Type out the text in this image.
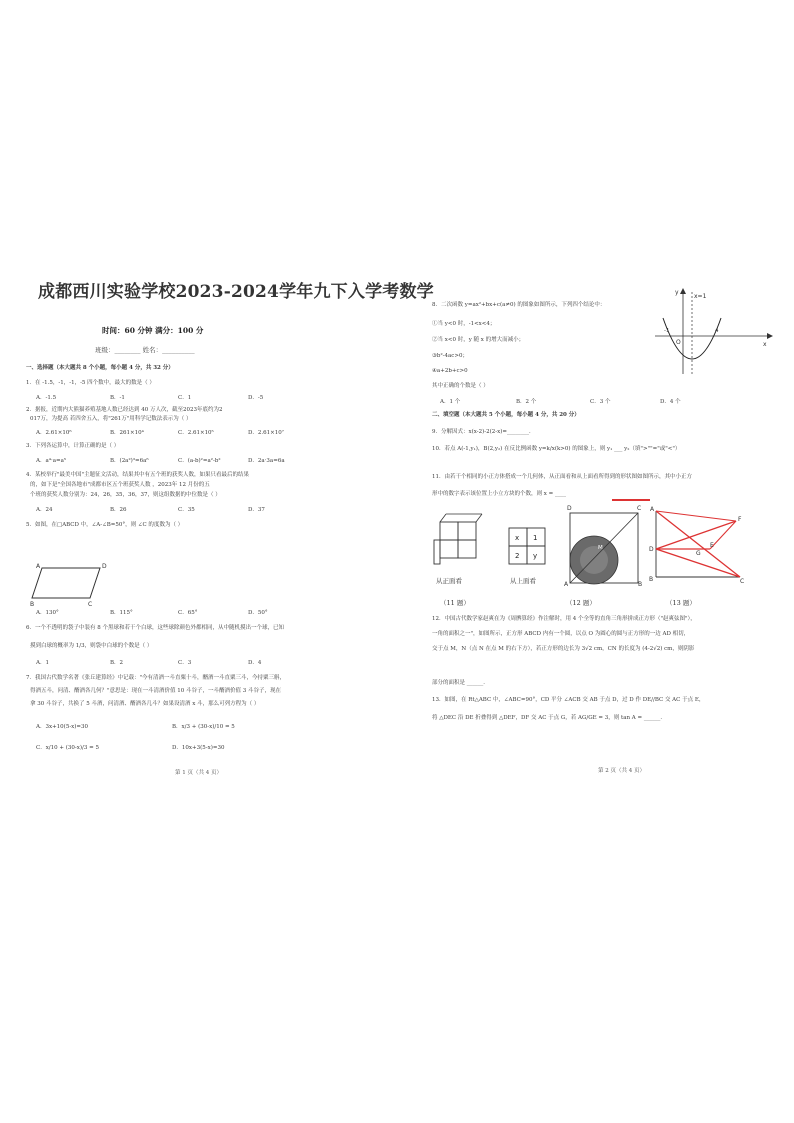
成都西川实验学校2023-2024学年九下入学考数学
时间：60 分钟 满分：100 分
班级：________ 姓名：__________
一、选择题（本大题共 8 个小题，每小题 4 分，共 32 分）
1．在 -1.5，-1，-1，-5 四个数中，最大的数是（ ）
A．-1.5	B．-1	C．1	D．-5
2．据报，近期内大熊猫养殖基地人数已经达到 40 万人次，截至2023年底约为2
017万，为提高 若四舍五入，将"261万"用科学记数法表示为（ ）
A．2.61×10⁶	B．261×10⁴	C．2.61×10⁵	D．2.61×10⁷
3．下列各运算中，计算正确的是（ ）
A．a⁴·a=a⁵	B．(2a²)³=6a⁶	C．(a-b)²=a²-b²	D．2a·3a=6a
4．某校举行"最美中国"主题征文活动，结果其中有五个班的获奖人数，如果只看最后的结果
的，如下是"全国各地市"成都市区五个班获奖人数 ，2023年 12 月份的五
个班的获奖人数分别为：24，26，35，36，37，则这组数据的中位数是（ ）
A．24	B．26	C．35	D．37
5．如图，在□ABCD 中，∠A-∠B=50°，则 ∠C 的度数为（ ）
A	D
B	C
A．130°	B．115°	C．65°	D．50°
6．一个不透明的袋子中装有 8 个黑球和若干个白球，这些球除颜色外都相同，从中随机摸出一个球，已知
摸到白球的概率为 1/3，则袋中白球的个数是（ ）
A．1	B．2	C．3	D．4
7．我国古代数学名著《张丘建算经》中记载："今有清酒一斗直粟十斗，醑酒一斗直粟三斗，今持粟三斛，
得酒五斗，问清、醑酒各几何？"意思是：现在一斗清酒价值 10 斗谷子，一斗醑酒价值 3 斗谷子，现在
拿 30 斗谷子，共换了 5 斗酒，问清酒、醑酒各几斗？如果设清酒 x 斗，那么可列方程为（ ）
A．3x+10(5-x)=30	B．x/3 + (30-x)/10 = 5
C．x/10 + (30-x)/3 = 5	D．10x+3(5-x)=30
第 1 页（共 4 页）
8．二次函数 y=ax²+bx+c(a≠0) 的图象如图所示，下列四个结论中：
①当 y<0 时，-1<x<4；
②当 x<0 时，y 随 x 的增大而减小；
③b²-4ac>0；
④a+2b+c>0
其中正确的个数是（ ）
A．1 个	B．2 个	C．3 个	D．4 个
x=1
x
y
O
-1	4
二、填空题（本大题共 5 个小题，每小题 4 分，共 20 分）
9．分解因式：x(x-2)-2(2-x)=________．
10．若点 A(-1,y₁)，B(2,y₂) 在反比例函数 y=k/x(k>0) 的图象上，则 y₁ ___ y₂（填">""="或"<"）
11．由若干个相同的小正方体搭成一个几何体，从正面看和从上面看所得到的形状图如图所示，其中小正方
形中的数字表示该位置上小立方块的个数，则 x = ____
从正面看
x 1
2 y
从上面看
D	C
A	B
N
M
A
F
D
E
G
B	C
（11 题）	（12 题）	（13 题）
12．中国古代数学家赵爽在为《周髀算经》作注解时，用 4 个全等的直角三角形拼成正方形（"赵爽弦图"），
一角的面积之一"，如图所示，正方形 ABCD 内有一个圆，以点 O 为圆心的圆与正方形的一边 AD 相切，
交于点 M，N（点 N 在点 M 的右下方），若正方形的边长为 3√2 cm，CN 的长度为 (4-2√2) cm，则阴影
部分的面积是 ______．
13．如图，在 Rt△ABC 中，∠ABC=90°，CD 平分 ∠ACB 交 AB 于点 D，过 D 作 DE//BC 交 AC 于点 E，
将 △DEC 沿 DE 折叠得到 △DEF，DF 交 AC 于点 G，若 AG/GE = 3，则 tan A = ______．
第 2 页（共 4 页）
